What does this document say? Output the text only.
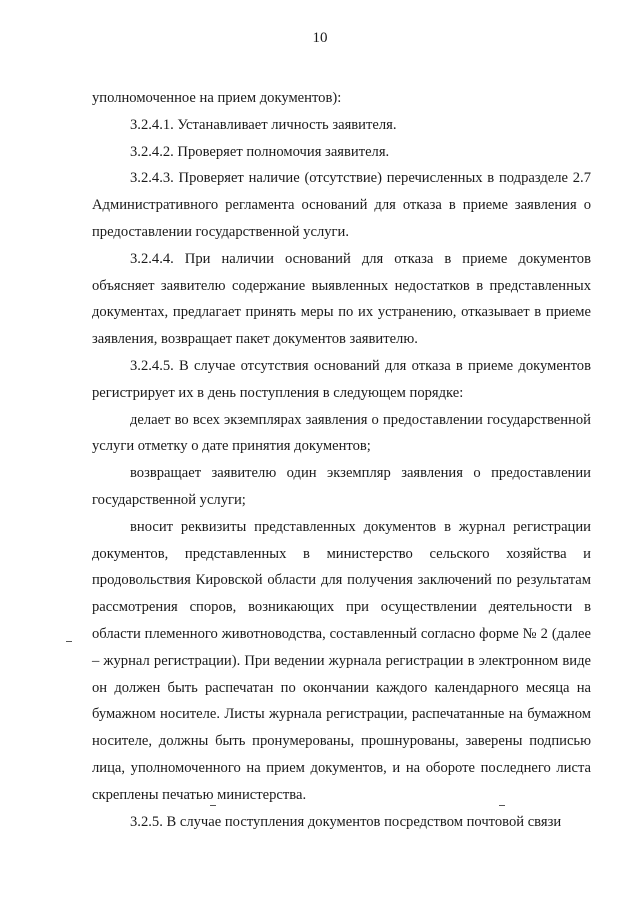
10

уполномоченное на прием документов):

3.2.4.1. Устанавливает личность заявителя.

3.2.4.2. Проверяет полномочия заявителя.

3.2.4.3. Проверяет наличие (отсутствие) перечисленных в подразделе 2.7 Административного регламента оснований для отказа в приеме заявления о предоставлении государственной услуги.

3.2.4.4. При наличии оснований для отказа в приеме документов объясняет заявителю содержание выявленных недостатков в представленных документах, предлагает принять меры по их устранению, отказывает в приеме заявления, возвращает пакет документов заявителю.

3.2.4.5. В случае отсутствия оснований для отказа в приеме документов регистрирует их в день поступления в следующем порядке:

делает во всех экземплярах заявления о предоставлении государственной услуги отметку о дате принятия документов;

возвращает заявителю один экземпляр заявления о предоставлении государственной услуги;

вносит реквизиты представленных документов в журнал регистрации документов, представленных в министерство сельского хозяйства и продовольствия Кировской области для получения заключений по результатам рассмотрения споров, возникающих при осуществлении деятельности в области племенного животноводства, составленный согласно форме № 2 (далее – журнал регистрации). При ведении журнала регистрации в электронном виде он должен быть распечатан по окончании каждого календарного месяца на бумажном носителе. Листы журнала регистрации, распечатанные на бумажном носителе, должны быть пронумерованы, прошнурованы, заверены подписью лица, уполномоченного на прием документов, и на обороте последнего листа скреплены печатью министерства.

3.2.5. В случае поступления документов посредством почтовой связи
